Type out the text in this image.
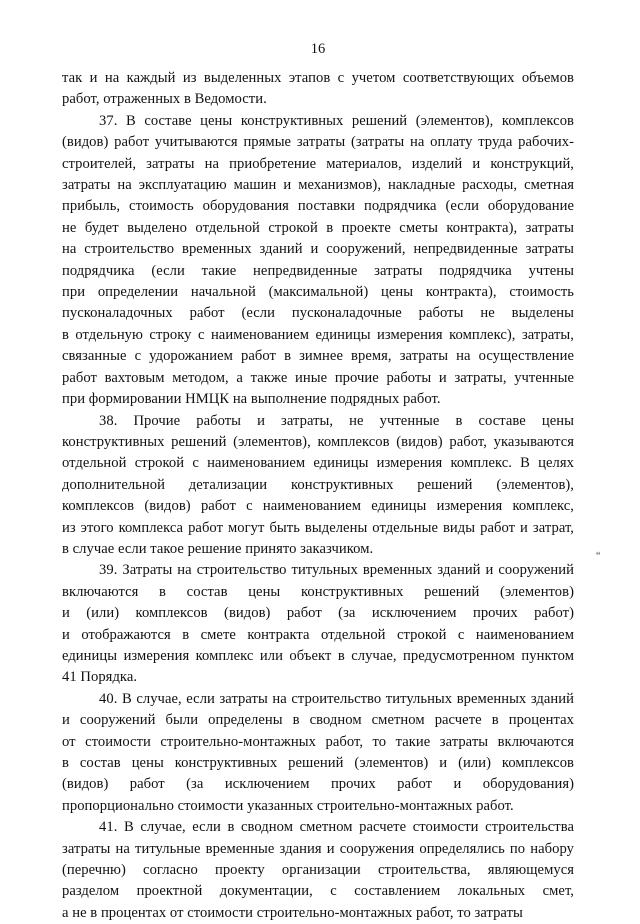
16

так и на каждый из выделенных этапов с учетом соответствующих объемов
работ, отраженных в Ведомости.

37. В составе цены конструктивных решений (элементов), комплексов
(видов) работ учитываются прямые затраты (затраты на оплату труда рабочих-
строителей, затраты на приобретение материалов, изделий и конструкций,
затраты на эксплуатацию машин и механизмов), накладные расходы, сметная
прибыль, стоимость оборудования поставки подрядчика (если оборудование
не будет выделено отдельной строкой в проекте сметы контракта), затраты
на строительство временных зданий и сооружений, непредвиденные затраты
подрядчика (если такие непредвиденные затраты подрядчика учтены
при определении начальной (максимальной) цены контракта), стоимость
пусконаладочных работ (если пусконаладочные работы не выделены
в отдельную строку с наименованием единицы измерения комплекс), затраты,
связанные с удорожанием работ в зимнее время, затраты на осуществление
работ вахтовым методом, а также иные прочие работы и затраты, учтенные
при формировании НМЦК на выполнение подрядных работ.

38. Прочие работы и затраты, не учтенные в составе цены
конструктивных решений (элементов), комплексов (видов) работ, указываются
отдельной строкой с наименованием единицы измерения комплекс. В целях
дополнительной детализации конструктивных решений (элементов),
комплексов (видов) работ с наименованием единицы измерения комплекс,
из этого комплекса работ могут быть выделены отдельные виды работ и затрат,
в случае если такое решение принято заказчиком.

39. Затраты на строительство титульных временных зданий и сооружений
включаются в состав цены конструктивных решений (элементов)
и (или) комплексов (видов) работ (за исключением прочих работ)
и отображаются в смете контракта отдельной строкой с наименованием
единицы измерения комплекс или объект в случае, предусмотренном пунктом
41 Порядка.

40. В случае, если затраты на строительство титульных временных зданий
и сооружений были определены в сводном сметном расчете в процентах
от стоимости строительно-монтажных работ, то такие затраты включаются
в состав цены конструктивных решений (элементов) и (или) комплексов
(видов) работ (за исключением прочих работ и оборудования)
пропорционально стоимости указанных строительно-монтажных работ.

41. В случае, если в сводном сметном расчете стоимости строительства
затраты на титульные временные здания и сооружения определялись по набору
(перечню) согласно проекту организации строительства, являющемуся
разделом проектной документации, с составлением локальных смет,
а не в процентах от стоимости строительно-монтажных работ, то затраты

“
